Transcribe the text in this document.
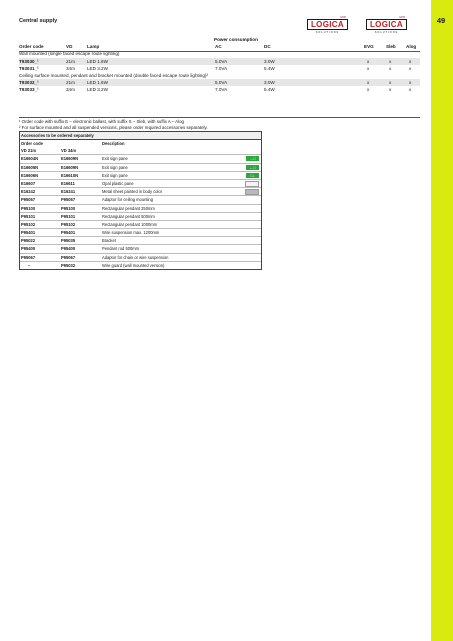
49
Central supply
ERM
LOGICA
SOLUTIONS
ERM
LOGICA
SOLUTIONS
Power consumption
Order code	VD	Lamp	AC	DC	EVG	Sleb Alog
Wall mounted (single faced escape route lighting)
T93030_¹	21m	LED 1.6W	5.0VA	3.0W	x	x	x
T93031_¹	34m	LED 3.2W	7.0VA	5.4W	x	x	x
Ceiling surface mounted, pendant and bracket mounted (double faced escape route lighting)²
T93032_¹	21m	LED 1.6W	5.0VA	3.0W	x	x	x
T93033_¹	34m	LED 3.2W	7.0VA	5.4W	x	x	x
¹ Order code with suffix E – electronic ballast, with suffix S – Sleb, with suffix A – Alog
² For surface mounted and all suspended versions, please order required accessories separately.
Accessories to be ordered separately
Order code	Description
VD 21m	VD 34m
E16604N	E16609N	Exit sign pane	→□
E16605N	E16609N	Exit sign pane	←□
E16606N	E16610N	Exit sign pane	□↓
E16607	E16611	Opal plastic pane
E16242	E16241	Metal sheet painted in body color
P95057	P95057	Adaptor for ceiling mounting
P95100	P95100	Rectangular pendant 250mm
P95101	P95101	Rectangular pendant 500mm
P95102	P95102	Rectangular pendant 1000mm
P95401	P95401	Wire suspension max. 1200mm
P95022	P95035	Bracket
P95400	P95400	Pendant rod 500mm
P95067	P95067	Adaptor for chain or wire suspension
–	P95032	Wire guard (wall mounted version)
